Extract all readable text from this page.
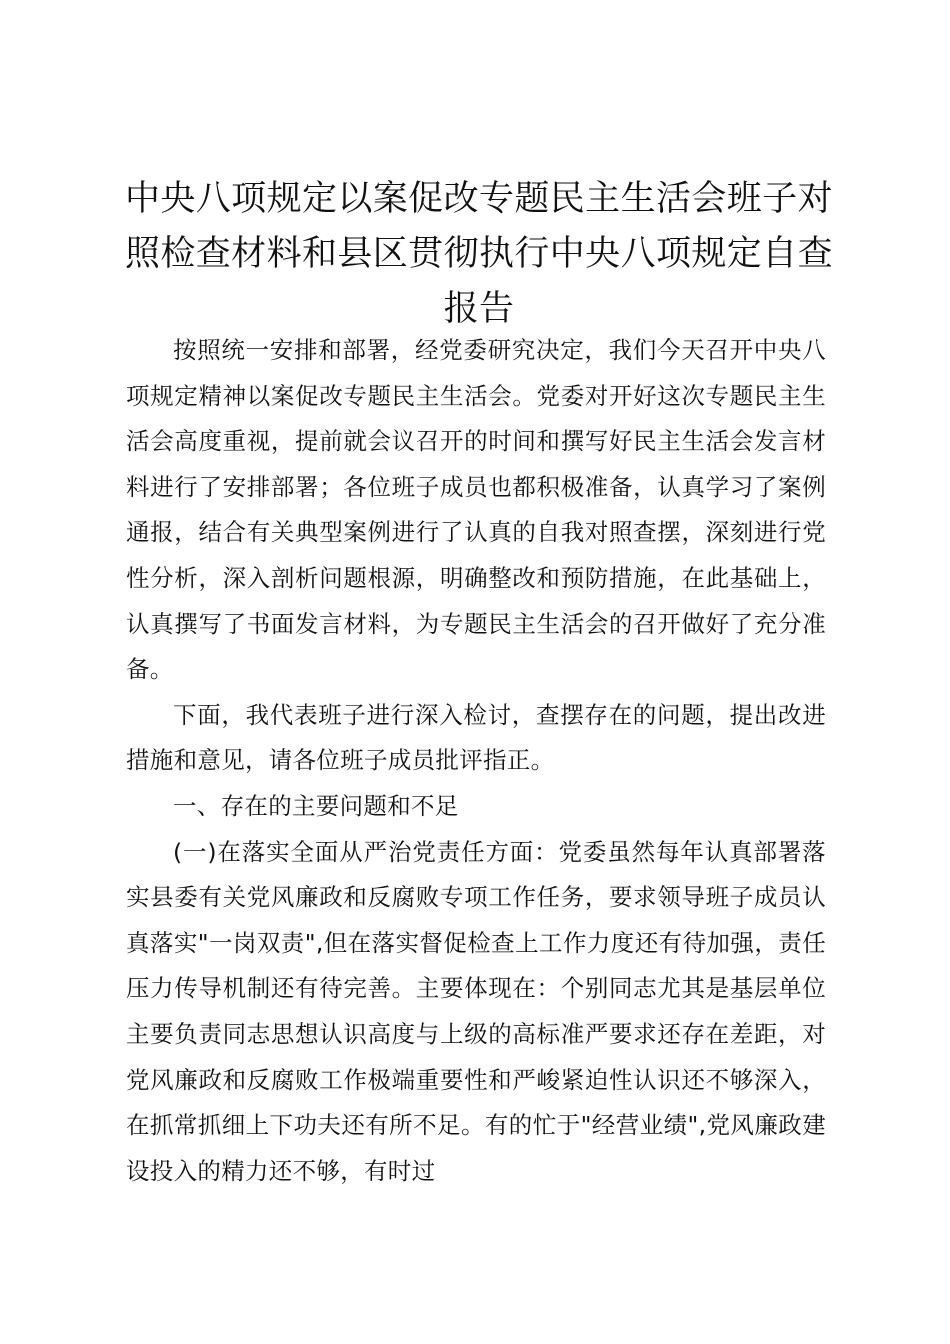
中央八项规定以案促改专题民主生活会班子对照检查材料和县区贯彻执行中央八项规定自查报告

按照统一安排和部署，经党委研究决定，我们今天召开中央八项规定精神以案促改专题民主生活会。党委对开好这次专题民主生活会高度重视，提前就会议召开的时间和撰写好民主生活会发言材料进行了安排部署；各位班子成员也都积极准备，认真学习了案例通报，结合有关典型案例进行了认真的自我对照查摆，深刻进行党性分析，深入剖析问题根源，明确整改和预防措施，在此基础上，认真撰写了书面发言材料，为专题民主生活会的召开做好了充分准备。

下面，我代表班子进行深入检讨，查摆存在的问题，提出改进措施和意见，请各位班子成员批评指正。

一、存在的主要问题和不足

(一)在落实全面从严治党责任方面：党委虽然每年认真部署落实县委有关党风廉政和反腐败专项工作任务，要求领导班子成员认真落实"一岗双责",但在落实督促检查上工作力度还有待加强，责任压力传导机制还有待完善。主要体现在：个别同志尤其是基层单位主要负责同志思想认识高度与上级的高标准严要求还存在差距，对党风廉政和反腐败工作极端重要性和严峻紧迫性认识还不够深入，在抓常抓细上下功夫还有所不足。有的忙于"经营业绩",党风廉政建设投入的精力还不够，有时过
